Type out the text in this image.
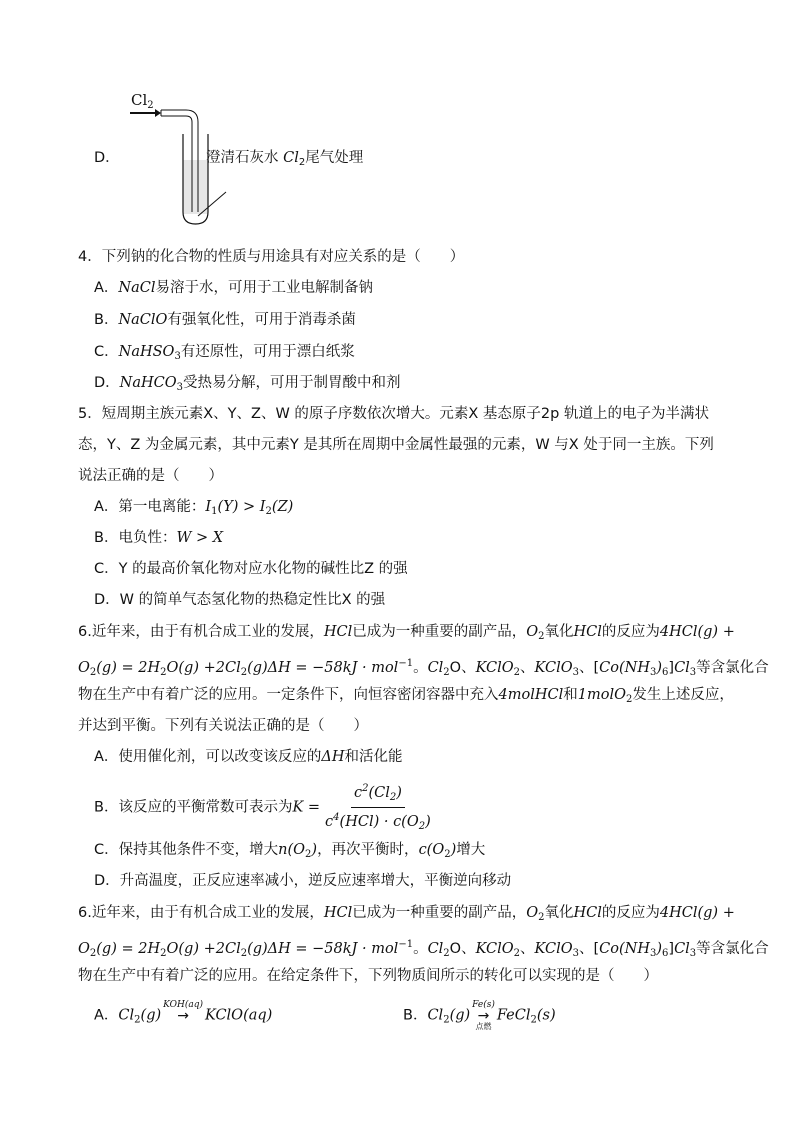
$Cl_2$
D．	澄清石灰水 $Cl_2$尾气处理
4．下列钠的化合物的性质与用途具有对应关系的是（　　）
A．NaCl易溶于水，可用于工业电解制备钠
B．NaClO有强氧化性，可用于消毒杀菌
C．NaHSO$_3$有还原性，可用于漂白纸浆
D．NaHCO$_3$受热易分解，可用于制胃酸中和剂
5．短周期主族元素X、Y、Z、W 的原子序数依次增大。元素X 基态原子2p 轨道上的电子为半满状
态，Y、Z 为金属元素，其中元素Y 是其所在周期中金属性最强的元素，W 与X 处于同一主族。下列
说法正确的是（　　）
A．第一电离能：$I_1(Y) > I_2(Z)$
B．电负性：W > X
C．Y 的最高价氧化物对应水化物的碱性比Z 的强
D．W 的简单气态氢化物的热稳定性比X 的强
6.近年来，由于有机合成工业的发展，HCl已成为一种重要的副产品，$O_2$氧化HCl的反应为4HCl(g) +
$O_2(g) = 2H_2O(g) +2Cl_2(g)\Delta H = -58kJ \cdot mol^{-1}$。$Cl_2O$、KClO$_2$、KClO$_3$、$[Co(NH_3)_6]Cl_3$等含氯化合
物在生产中有着广泛的应用。一定条件下，向恒容密闭容器中充入4molHCl和1molO$_2$发生上述反应，
并达到平衡。下列有关说法正确的是（　　）
A．使用催化剂，可以改变该反应的ΔH和活化能
B．该反应的平衡常数可表示为$K = \frac{c^2(Cl_2)}{c^4(HCl) \cdot c(O_2)}$
C．保持其他条件不变，增大$n(O_2)$，再次平衡时，$c(O_2)$增大
D．升高温度，正反应速率减小，逆反应速率增大，平衡逆向移动
6.近年来，由于有机合成工业的发展，HCl已成为一种重要的副产品，$O_2$氧化HCl的反应为4HCl(g) +
$O_2(g) = 2H_2O(g) +2Cl_2(g)\Delta H = -58kJ \cdot mol^{-1}$。$Cl_2O$、KClO$_2$、KClO$_3$、$[Co(NH_3)_6]Cl_3$等含氯化合
物在生产中有着广泛的应用。在给定条件下，下列物质间所示的转化可以实现的是（　　）
A．$Cl_2(g)$
KOH(aq)
→
KClO(aq)	B．$Cl_2(g)$
Fe(s)
→
点燃
FeCl$_2$(s)
